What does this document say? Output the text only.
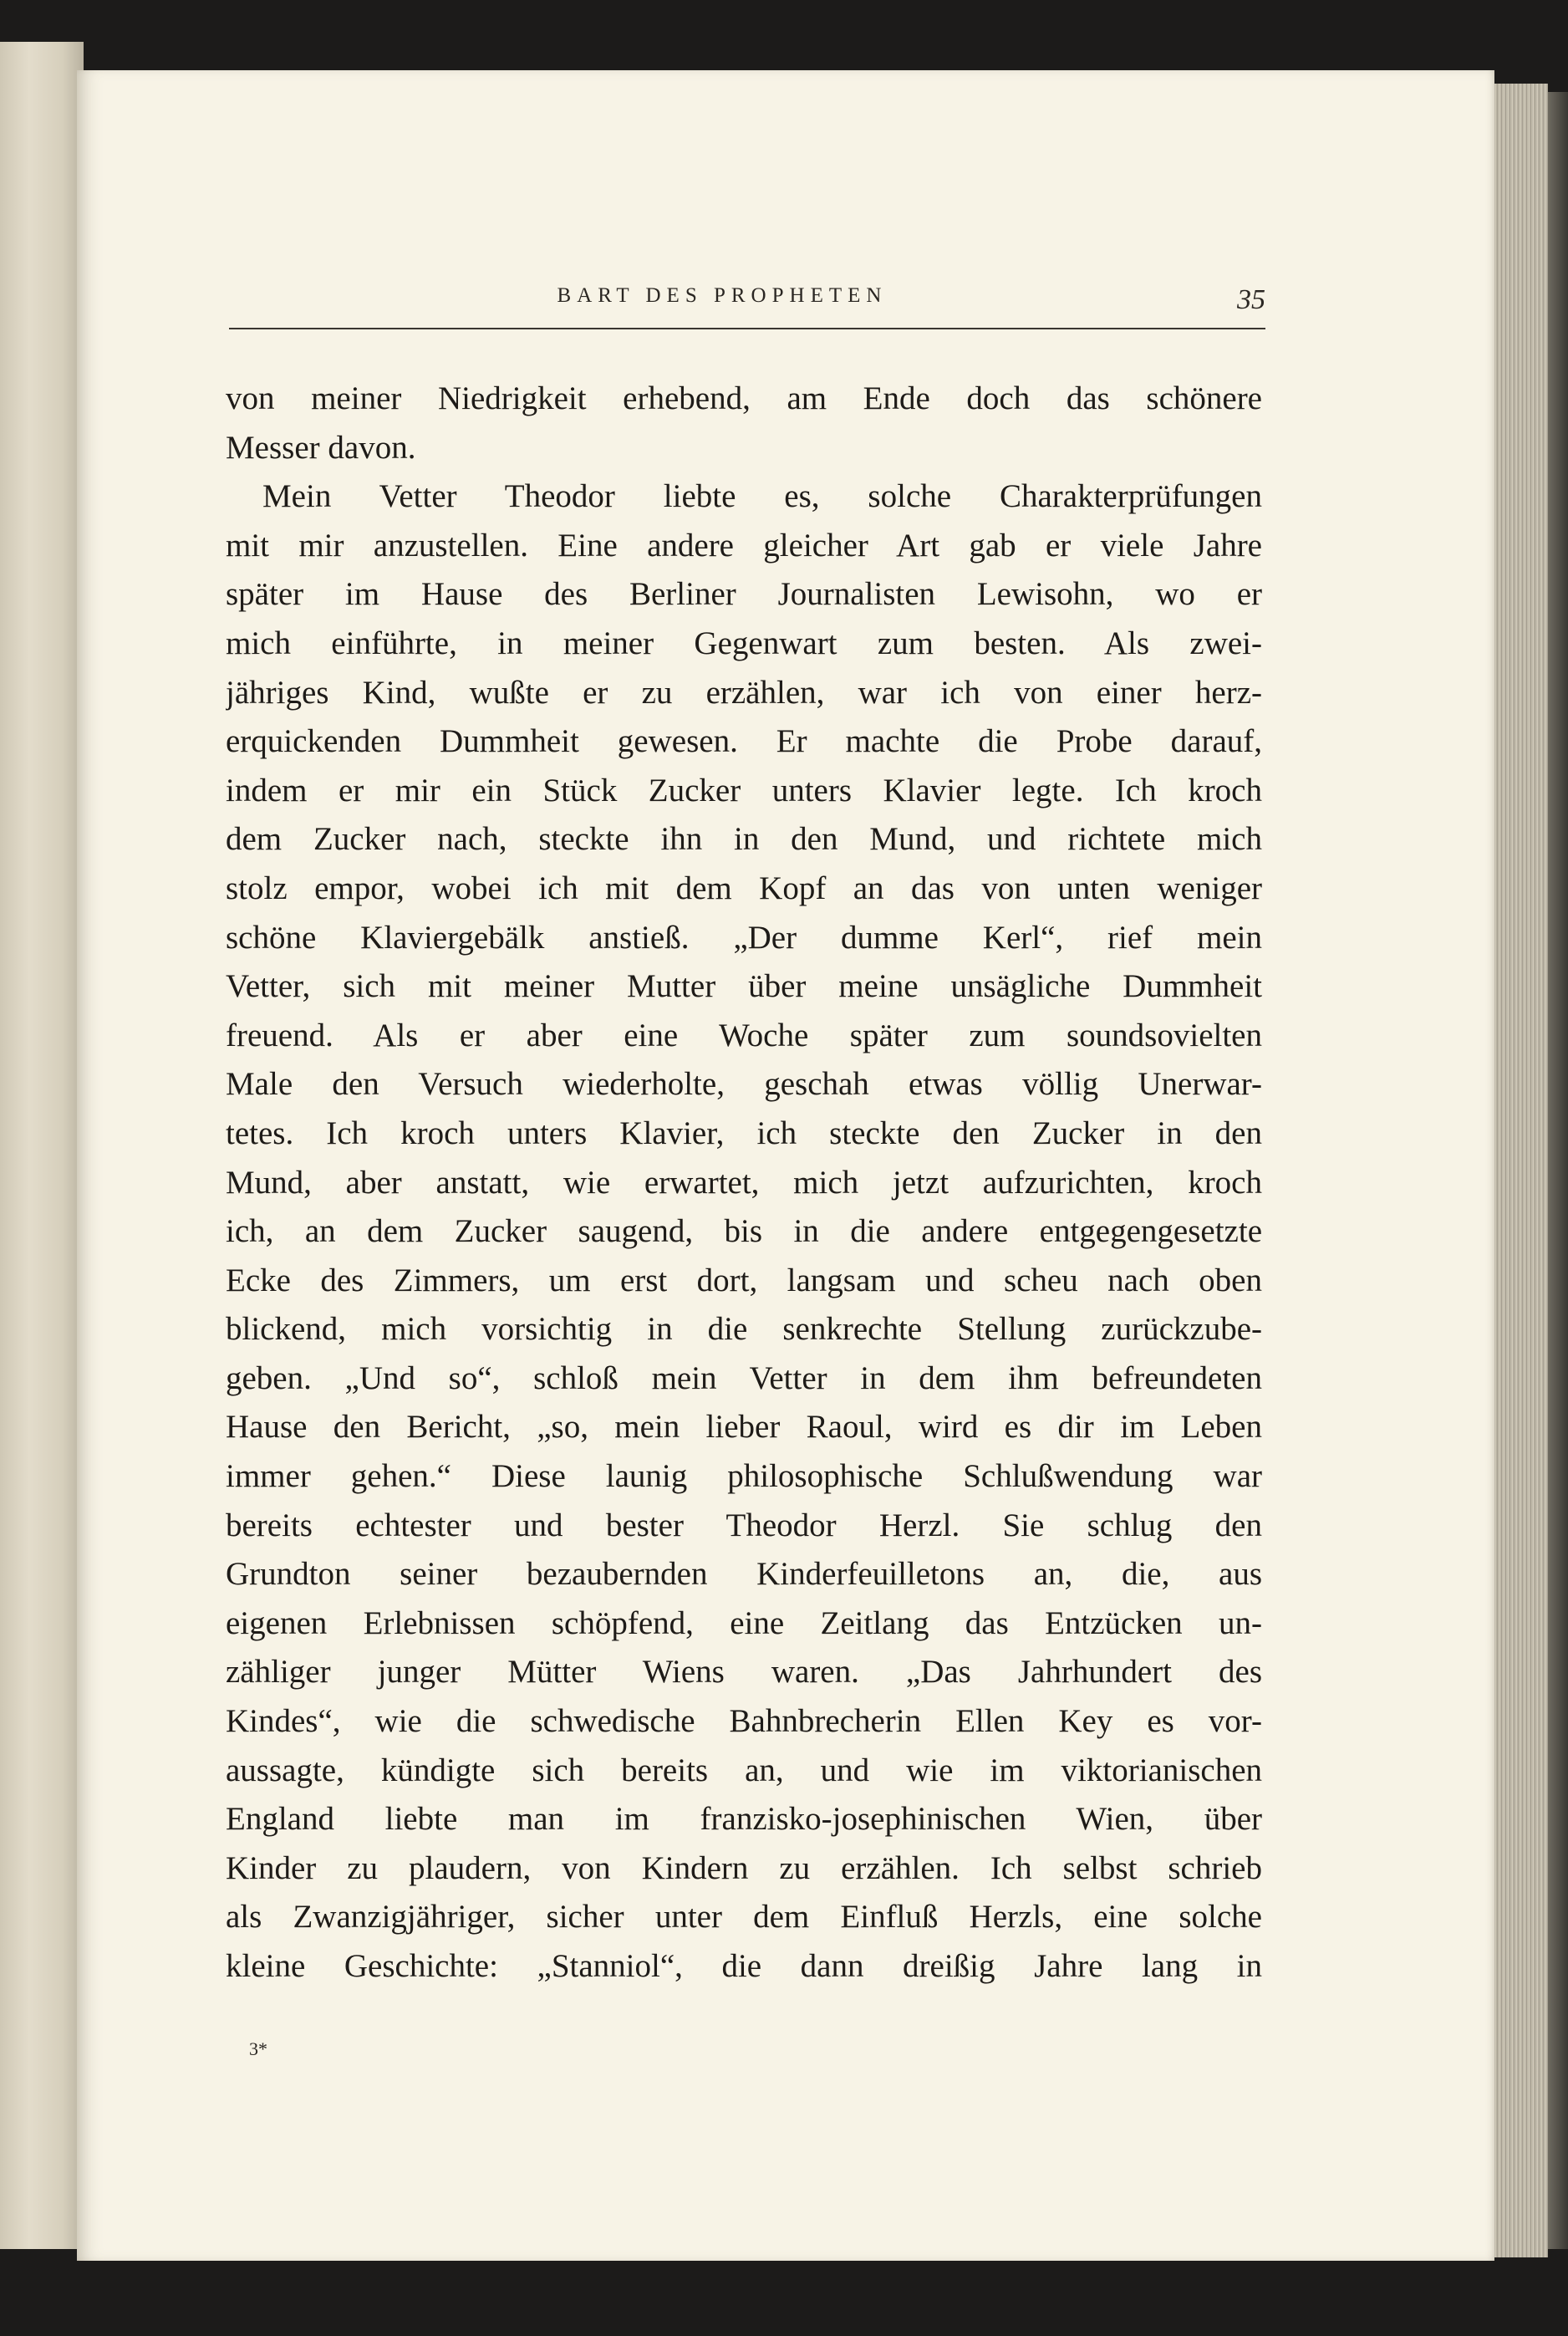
BART DES PROPHETEN	35
von meiner Niedrigkeit erhebend, am Ende doch das schönere
Messer davon.
Mein Vetter Theodor liebte es, solche Charakterprüfungen
mit mir anzustellen. Eine andere gleicher Art gab er viele Jahre
später im Hause des Berliner Journalisten Lewisohn, wo er
mich einführte, in meiner Gegenwart zum besten. Als zwei-
jähriges Kind, wußte er zu erzählen, war ich von einer herz-
erquickenden Dummheit gewesen. Er machte die Probe darauf,
indem er mir ein Stück Zucker unters Klavier legte. Ich kroch
dem Zucker nach, steckte ihn in den Mund, und richtete mich
stolz empor, wobei ich mit dem Kopf an das von unten weniger
schöne Klaviergebälk anstieß. „Der dumme Kerl“, rief mein
Vetter, sich mit meiner Mutter über meine unsägliche Dummheit
freuend. Als er aber eine Woche später zum soundsovielten
Male den Versuch wiederholte, geschah etwas völlig Unerwar-
tetes. Ich kroch unters Klavier, ich steckte den Zucker in den
Mund, aber anstatt, wie erwartet, mich jetzt aufzurichten, kroch
ich, an dem Zucker saugend, bis in die andere entgegengesetzte
Ecke des Zimmers, um erst dort, langsam und scheu nach oben
blickend, mich vorsichtig in die senkrechte Stellung zurückzube-
geben. „Und so“, schloß mein Vetter in dem ihm befreundeten
Hause den Bericht, „so, mein lieber Raoul, wird es dir im Leben
immer gehen.“ Diese launig philosophische Schlußwendung war
bereits echtester und bester Theodor Herzl. Sie schlug den
Grundton seiner bezaubernden Kinderfeuilletons an, die, aus
eigenen Erlebnissen schöpfend, eine Zeitlang das Entzücken un-
zähliger junger Mütter Wiens waren. „Das Jahrhundert des
Kindes“, wie die schwedische Bahnbrecherin Ellen Key es vor-
aussagte, kündigte sich bereits an, und wie im viktorianischen
England liebte man im franzisko-josephinischen Wien, über
Kinder zu plaudern, von Kindern zu erzählen. Ich selbst schrieb
als Zwanzigjähriger, sicher unter dem Einfluß Herzls, eine solche
kleine Geschichte: „Stanniol“, die dann dreißig Jahre lang in
3*
